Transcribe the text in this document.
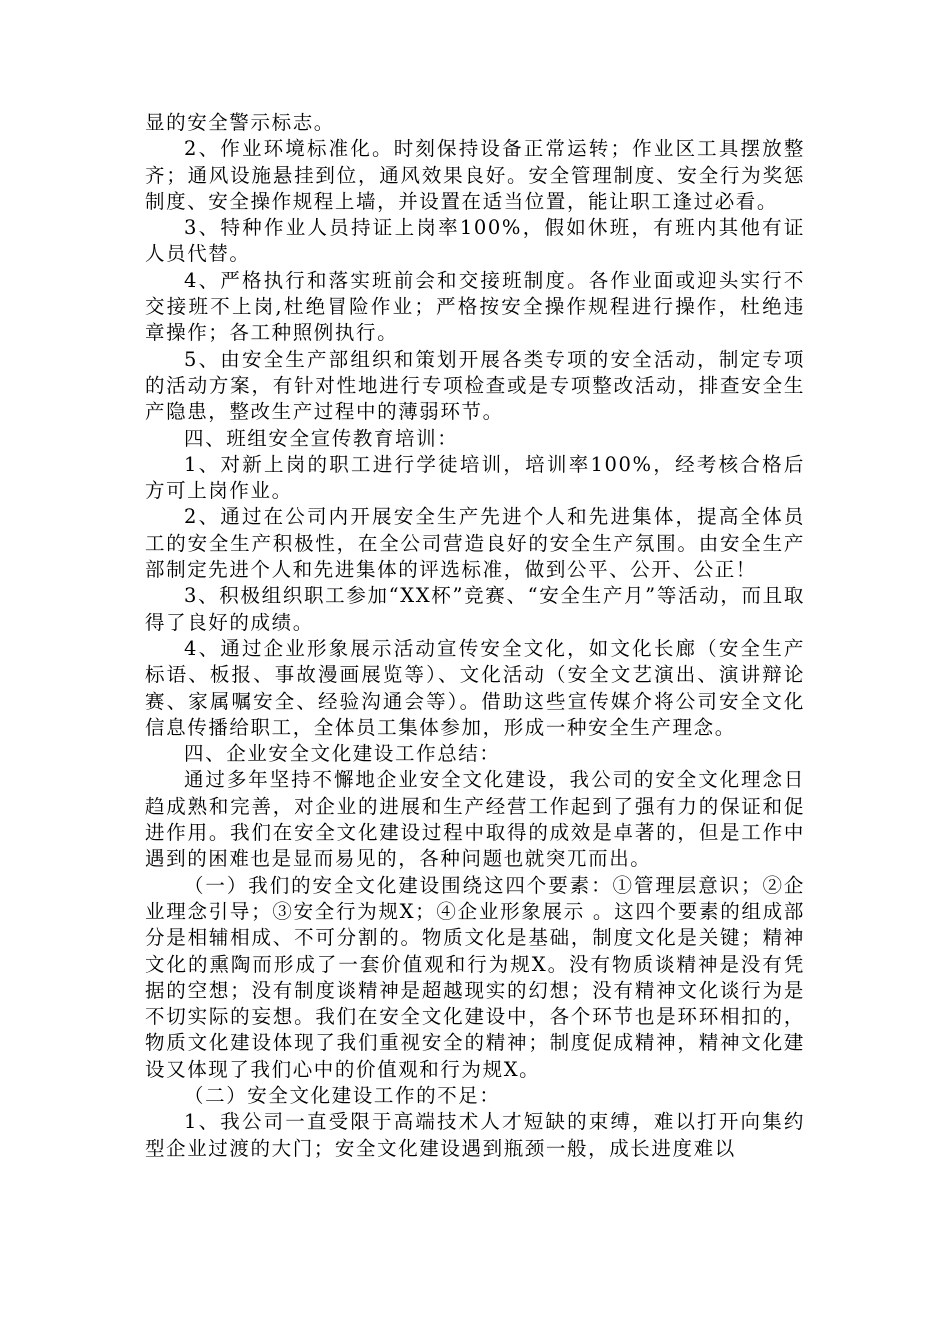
显的安全警示标志。

2、作业环境标准化。时刻保持设备正常运转；作业区工具摆放整齐；通风设施悬挂到位，通风效果良好。安全管理制度、安全行为奖惩制度、安全操作规程上墙，并设置在适当位置，能让职工逢过必看。

3、特种作业人员持证上岗率100%，假如休班，有班内其他有证人员代替。

4、严格执行和落实班前会和交接班制度。各作业面或迎头实行不交接班不上岗,杜绝冒险作业；严格按安全操作规程进行操作，杜绝违章操作；各工种照例执行。

5、由安全生产部组织和策划开展各类专项的安全活动，制定专项的活动方案，有针对性地进行专项检查或是专项整改活动，排查安全生产隐患，整改生产过程中的薄弱环节。

四、班组安全宣传教育培训：

1、对新上岗的职工进行学徒培训，培训率100%，经考核合格后方可上岗作业。

2、通过在公司内开展安全生产先进个人和先进集体，提高全体员工的安全生产积极性，在全公司营造良好的安全生产氛围。由安全生产部制定先进个人和先进集体的评选标准，做到公平、公开、公正！

3、积极组织职工参加“XX杯”竞赛、“安全生产月”等活动，而且取得了良好的成绩。

4、通过企业形象展示活动宣传安全文化，如文化长廊（安全生产标语、板报、事故漫画展览等）、文化活动（安全文艺演出、演讲辩论赛、家属嘱安全、经验沟通会等）。借助这些宣传媒介将公司安全文化信息传播给职工，全体员工集体参加，形成一种安全生产理念。

四、企业安全文化建设工作总结：

通过多年坚持不懈地企业安全文化建设，我公司的安全文化理念日趋成熟和完善，对企业的进展和生产经营工作起到了强有力的保证和促进作用。我们在安全文化建设过程中取得的成效是卓著的，但是工作中遇到的困难也是显而易见的，各种问题也就突兀而出。

（一）我们的安全文化建设围绕这四个要素：①管理层意识；②企业理念引导；③安全行为规X；④企业形象展示 。这四个要素的组成部分是相辅相成、不可分割的。物质文化是基础，制度文化是关键；精神文化的熏陶而形成了一套价值观和行为规X。没有物质谈精神是没有凭据的空想；没有制度谈精神是超越现实的幻想；没有精神文化谈行为是不切实际的妄想。我们在安全文化建设中，各个环节也是环环相扣的，物质文化建设体现了我们重视安全的精神；制度促成精神，精神文化建设又体现了我们心中的价值观和行为规X。

（二）安全文化建设工作的不足：

1、我公司一直受限于高端技术人才短缺的束缚，难以打开向集约型企业过渡的大门；安全文化建设遇到瓶颈一般，成长进度难以
